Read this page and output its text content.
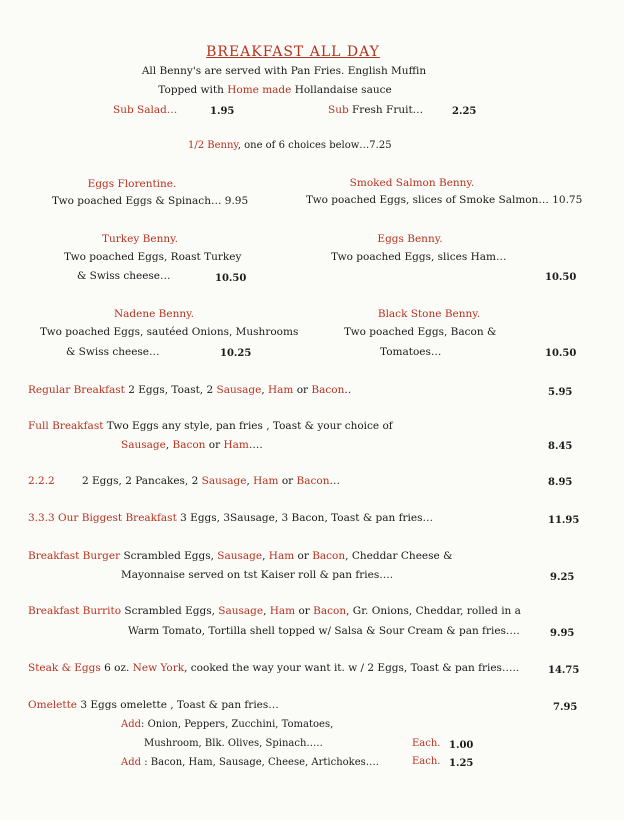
BREAKFAST ALL DAY
All Benny's are served with Pan Fries. English Muffin
Topped with Home made Hollandaise sauce
Sub Salad…	1.95	Sub Fresh Fruit…	2.25
1/2 Benny, one of 6 choices below…7.25
Eggs Florentine.
Two poached Eggs & Spinach… 9.95
Smoked Salmon Benny.
Two poached Eggs, slices of Smoke Salmon… 10.75
Turkey Benny.
Two poached Eggs, Roast Turkey
& Swiss cheese…	10.50
Eggs Benny.
Two poached Eggs, slices Ham…
10.50
Nadene Benny.
Two poached Eggs, sautéed Onions, Mushrooms
& Swiss cheese…	10.25
Black Stone Benny.
Two poached Eggs, Bacon &
Tomatoes…	10.50
Regular Breakfast 2 Eggs, Toast, 2 Sausage, Ham or Bacon..	5.95
Full Breakfast Two Eggs any style, pan fries , Toast & your choice of
Sausage, Bacon or Ham….	8.45
2.2.2	2 Eggs, 2 Pancakes, 2 Sausage, Ham or Bacon…	8.95
3.3.3 Our Biggest Breakfast 3 Eggs, 3Sausage, 3 Bacon, Toast & pan fries…	11.95
Breakfast Burger Scrambled Eggs, Sausage, Ham or Bacon, Cheddar Cheese &
Mayonnaise served on tst Kaiser roll & pan fries….	9.25
Breakfast Burrito Scrambled Eggs, Sausage, Ham or Bacon, Gr. Onions, Cheddar, rolled in a
Warm Tomato, Tortilla shell topped w/ Salsa & Sour Cream & pan fries….	9.95
Steak & Eggs 6 oz. New York, cooked the way your want it. w / 2 Eggs, Toast & pan fries…..	14.75
Omelette 3 Eggs omelette , Toast & pan fries…	7.95
Add: Onion, Peppers, Zucchini, Tomatoes,
Mushroom, Blk. Olives, Spinach…..	Each. 1.00
Add : Bacon, Ham, Sausage, Cheese, Artichokes….	Each. 1.25
